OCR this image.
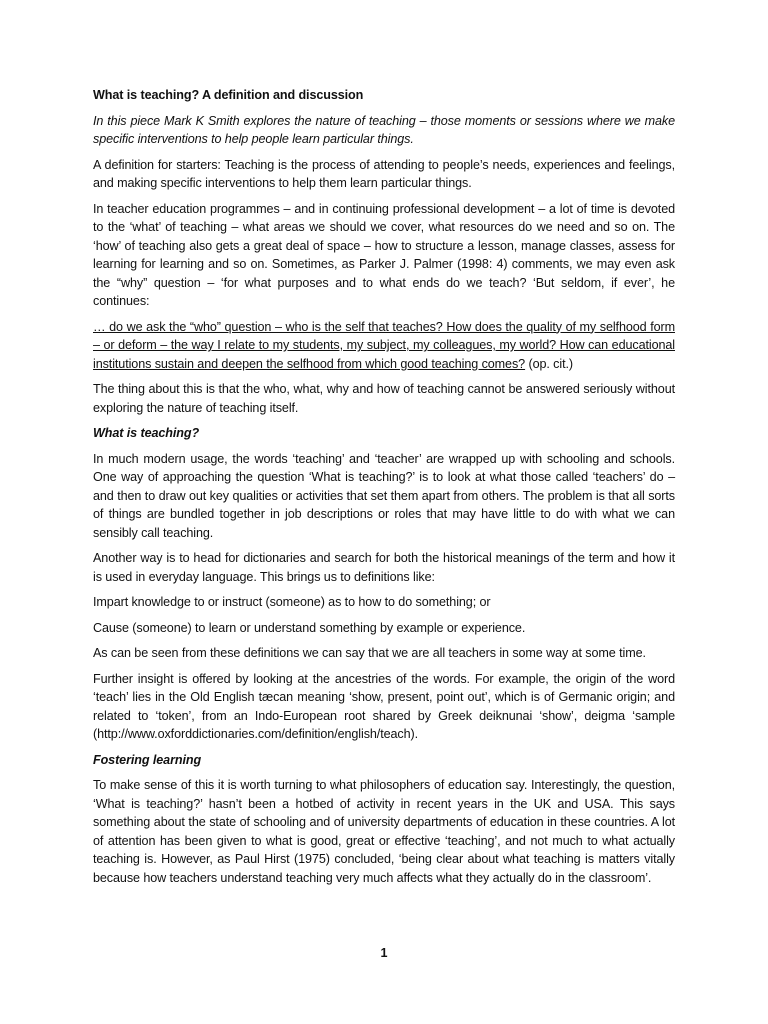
What is teaching? A definition and discussion

In this piece Mark K Smith explores the nature of teaching – those moments or sessions where we make specific interventions to help people learn particular things.

A definition for starters: Teaching is the process of attending to people’s needs, experiences and feelings, and making specific interventions to help them learn particular things.

In teacher education programmes – and in continuing professional development – a lot of time is devoted to the ‘what’ of teaching – what areas we should we cover, what resources do we need and so on. The ‘how’ of teaching also gets a great deal of space – how to structure a lesson, manage classes, assess for learning for learning and so on. Sometimes, as Parker J. Palmer (1998: 4) comments, we may even ask the “why” question – ‘for what purposes and to what ends do we teach? ‘But seldom, if ever’, he continues:

… do we ask the “who” question – who is the self that teaches? How does the quality of my selfhood form – or deform – the way I relate to my students, my subject, my colleagues, my world? How can educational institutions sustain and deepen the selfhood from which good teaching comes? (op. cit.)

The thing about this is that the who, what, why and how of teaching cannot be answered seriously without exploring the nature of teaching itself.

What is teaching?

In much modern usage, the words ‘teaching’ and ‘teacher’ are wrapped up with schooling and schools. One way of approaching the question ‘What is teaching?’ is to look at what those called ‘teachers’ do – and then to draw out key qualities or activities that set them apart from others. The problem is that all sorts of things are bundled together in job descriptions or roles that may have little to do with what we can sensibly call teaching.

Another way is to head for dictionaries and search for both the historical meanings of the term and how it is used in everyday language. This brings us to definitions like:

Impart knowledge to or instruct (someone) as to how to do something; or

Cause (someone) to learn or understand something by example or experience.

As can be seen from these definitions we can say that we are all teachers in some way at some time.

Further insight is offered by looking at the ancestries of the words. For example, the origin of the word ‘teach’ lies in the Old English tæcan meaning ‘show, present, point out’, which is of Germanic origin; and related to ‘token’, from an Indo-European root shared by Greek deiknunai ‘show’, deigma ‘sample (http://www.oxforddictionaries.com/definition/english/teach).

Fostering learning

To make sense of this it is worth turning to what philosophers of education say. Interestingly, the question, ‘What is teaching?’ hasn’t been a hotbed of activity in recent years in the UK and USA. This says something about the state of schooling and of university departments of education in these countries. A lot of attention has been given to what is good, great or effective ‘teaching’, and not much to what actually teaching is. However, as Paul Hirst (1975) concluded, ‘being clear about what teaching is matters vitally because how teachers understand teaching very much affects what they actually do in the classroom’.

1
